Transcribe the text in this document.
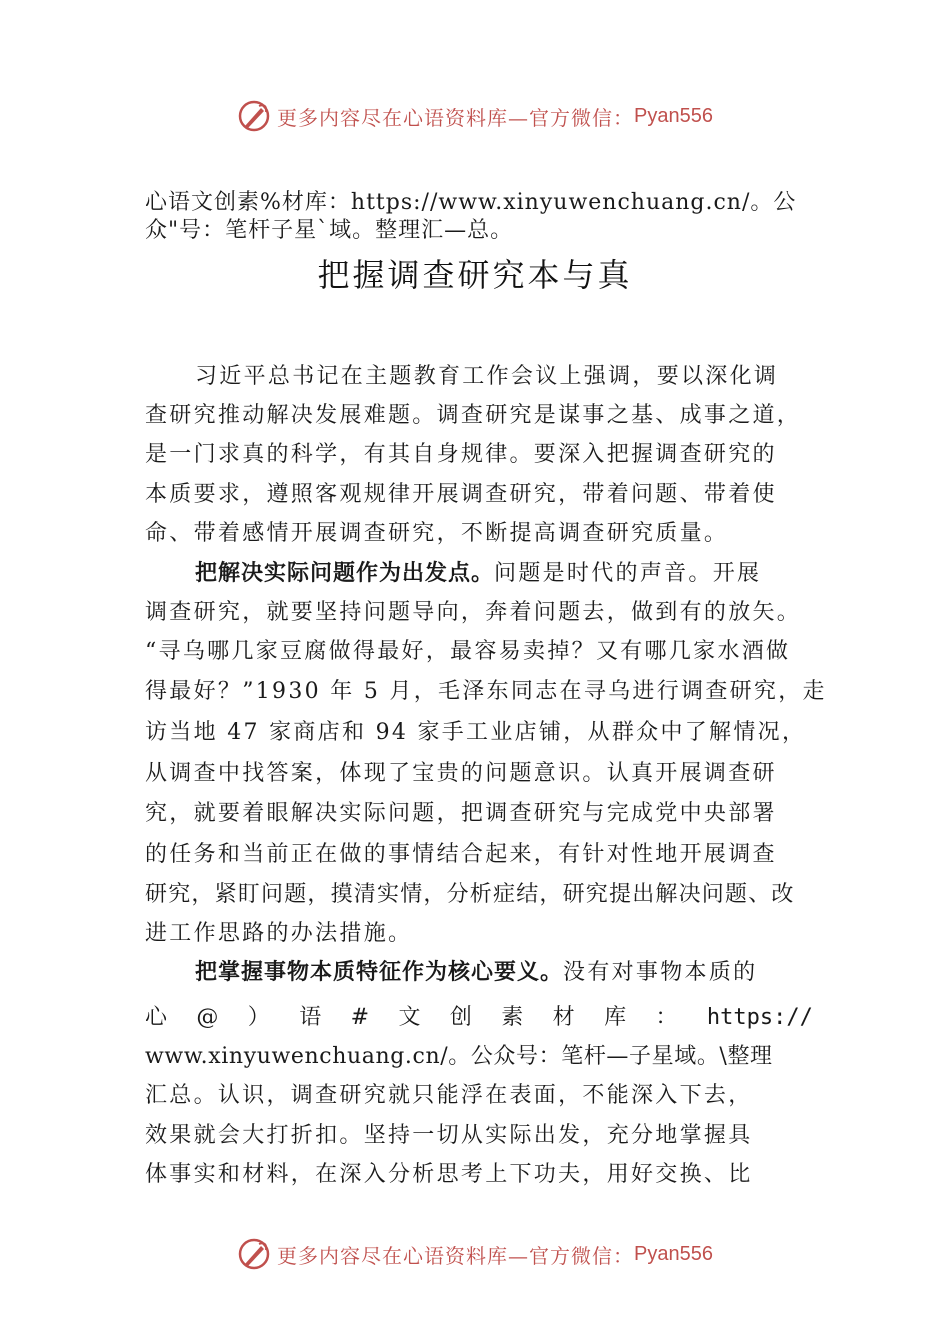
更多内容尽在心语资料库—官方微信： Pyan556
心语文创素%材库：https://www.xinyuwenchuang.cn/。公
众"号：笔杆子星`域。整理汇—总。
把握调查研究本与真
习近平总书记在主题教育工作会议上强调，要以深化调
查研究推动解决发展难题。调查研究是谋事之基、成事之道，
是一门求真的科学，有其自身规律。要深入把握调查研究的
本质要求，遵照客观规律开展调查研究，带着问题、带着使
命、带着感情开展调查研究，不断提高调查研究质量。
把解决实际问题作为出发点。问题是时代的声音。开展
调查研究，就要坚持问题导向，奔着问题去，做到有的放矢。
“寻乌哪几家豆腐做得最好，最容易卖掉？又有哪几家水酒做
得最好？”1930 年 5 月，毛泽东同志在寻乌进行调查研究，走
访当地 47 家商店和 94 家手工业店铺，从群众中了解情况，
从调查中找答案，体现了宝贵的问题意识。认真开展调查研
究，就要着眼解决实际问题，把调查研究与完成党中央部署
的任务和当前正在做的事情结合起来，有针对性地开展调查
研究，紧盯问题，摸清实情，分析症结，研究提出解决问题、改
进工作思路的办法措施。
把掌握事物本质特征作为核心要义。没有对事物本质的
心 @ ） 语 # 文 创 素 材 库 ： https://
www.xinyuwenchuang.cn/。公众号：笔杆—子星域。\整理
汇总。认识，调查研究就只能浮在表面，不能深入下去，
效果就会大打折扣。坚持一切从实际出发，充分地掌握具
体事实和材料，在深入分析思考上下功夫，用好交换、比
更多内容尽在心语资料库—官方微信： Pyan556
